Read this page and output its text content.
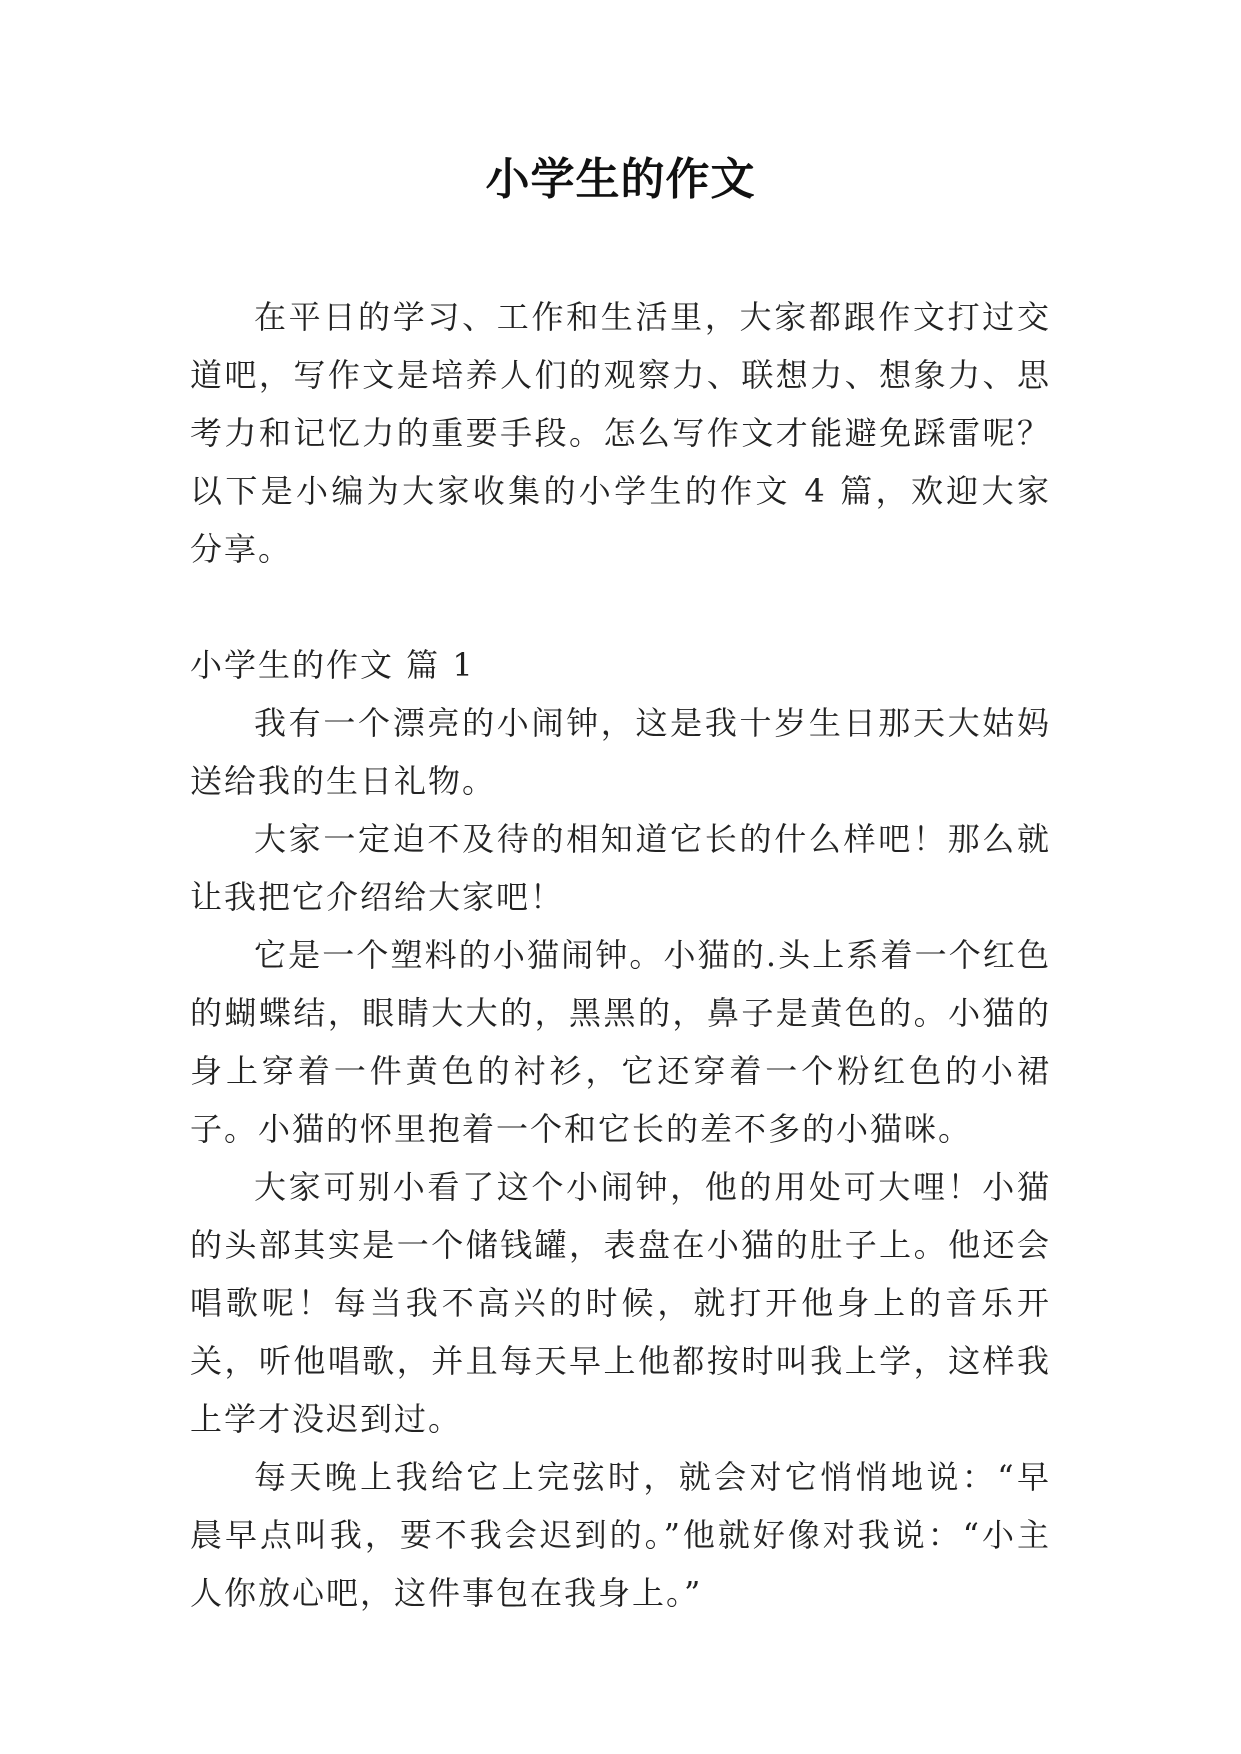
小学生的作文

在平日的学习、工作和生活里，大家都跟作文打过交道吧，写作文是培养人们的观察力、联想力、想象力、思考力和记忆力的重要手段。怎么写作文才能避免踩雷呢？以下是小编为大家收集的小学生的作文 4 篇，欢迎大家分享。

小学生的作文 篇 1

我有一个漂亮的小闹钟，这是我十岁生日那天大姑妈送给我的生日礼物。

大家一定迫不及待的相知道它长的什么样吧！那么就让我把它介绍给大家吧！

它是一个塑料的小猫闹钟。小猫的.头上系着一个红色的蝴蝶结，眼睛大大的，黑黑的，鼻子是黄色的。小猫的身上穿着一件黄色的衬衫，它还穿着一个粉红色的小裙子。小猫的怀里抱着一个和它长的差不多的小猫咪。

大家可别小看了这个小闹钟，他的用处可大哩！小猫的头部其实是一个储钱罐，表盘在小猫的肚子上。他还会唱歌呢！每当我不高兴的时候，就打开他身上的音乐开关，听他唱歌，并且每天早上他都按时叫我上学，这样我上学才没迟到过。

每天晚上我给它上完弦时，就会对它悄悄地说：“早晨早点叫我，要不我会迟到的。”他就好像对我说：“小主人你放心吧，这件事包在我身上。”
